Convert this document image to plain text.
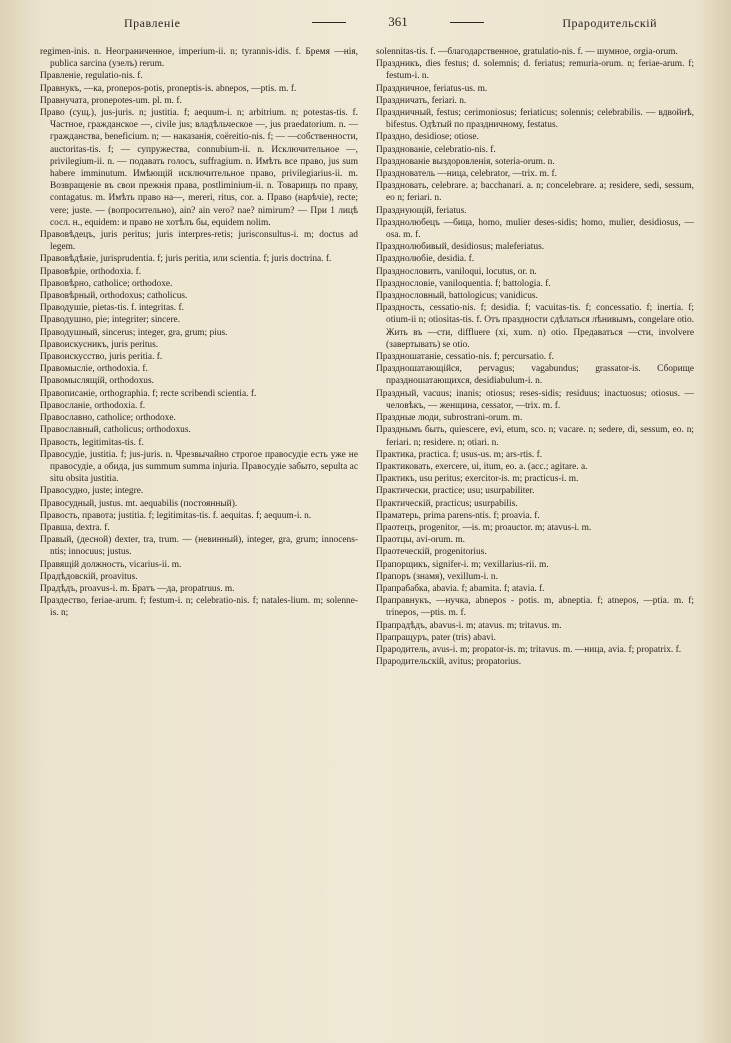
Правленіе	361	Прародительскій

regimen-inis. n. Неограниченное, imperium-ii. n; tyrannis-idis. f. Бремя —нія, publica sarcina (узелъ) rerum.

Правленіе, regulatio-nis. f.

Правнукъ, —ка, pronepos-potis, proneptis-is. abnepos, —ptis. m. f.

Правнучата, pronepotes-um. pl. m. f.

Право (сущ.), jus-juris. n; justitia. f; aequum-i. n; arbitrium. n; potestas-tis. f. Частное, гражданское —, civile jus; владѣльческое —, jus praedatorium. n. — гражданства, beneficium. n; — наказанія, coëreitio-nis. f; — —собственности, auctoritas-tis. f; — супружества, connubium-ii. n. Исключительное —, privilegium-ii. n. — подавать голосъ, suffragium. n. Имѣть все право, jus sum habere imminutum. Имѣющій исключительное право, privilegiarius-ii. m. Возвращеніе въ свои прежнія права, postliminium-ii. n. Товарищъ по праву, contagatus. m. Имѣть право на—, mereri, ritus, cor. a. Право (нарѣчіе), recte; vere; juste. — (вопросительно), ain? ain vero? nae? nimirum? — При 1 лицѣ сосл. н., equidem: и право не хотѣлъ бы, equidem nolim.

Правовѣдецъ, juris peritus; juris interpres-retis; jurisconsultus-i. m; doctus ad legem.

Правовѣдѣніе, jurisprudentia. f; juris peritia, или scientia. f; juris doctrina. f.

Правовѣріе, orthodoxia. f.

Правовѣрно, catholice; orthodoxe.

Правовѣрный, orthodoxus; catholicus.

Праводушіе, pietas-tis. f. integritas. f.

Праводушно, pie; integriter; sincere.

Праводушный, sincerus; integer, gra, grum; pius.

Правоискусникъ, juris peritus.

Правоискусство, juris peritia. f.

Правомысліе, orthodoxia. f.

Правомыслящій, orthodoxus.

Правописаніе, orthographia. f; recte scribendi scientia. f.

Правосланіе, orthodoxia. f.

Православно, catholice; orthodoxe.

Православный, catholicus; orthodoxus.

Правость, legitimitas-tis. f.

Правосудіе, justitia. f; jus-juris. n. Чрезвычайно строгое правосудіе есть уже не правосудіе, а обида, jus summum summa injuria. Правосудіе забыто, sepulta ac situ obsita justitia.

Правосудно, juste; integre.

Правосудный, justus. mt. aequabilis (постоянный).

Правость, правота; justitia. f; legitimitas-tis. f. aequitas. f; aequum-i. n.

Правша, dextra. f.

Правый, (десной) dexter, tra, trum. — (невинный), integer, gra, grum; innocens-ntis; innocuus; justus.

Правящій должность, vicarius-ii. m.

Прадѣдовскій, proavitus.

Прадѣдъ, proavus-i. m. Братъ —да, propatruus. m.

Праздество, feriae-arum. f; festum-i. n; celebratio-nis. f; natales-lium. m; solenne-is. n;

solennitas-tis. f. —благодарственное, gratulatio-nis. f. — шумное, orgia-orum.

Праздникъ, dies festus; d. solemnis; d. feriatus; remuria-orum. n; feriae-arum. f; festum-i. n.

Праздничное, feriatus-us. m.

Праздничать, feriari. n.

Праздничный, festus; cerimoniosus; feriaticus; solennis; celebrabilis. — вдвойнѣ, bifestus. Одѣтый по праздничному, festatus.

Праздно, desidiose; otiose.

Празднованіе, celebratio-nis. f.

Празднованіе выздоровленія, soteria-orum. n.

Празднователь —ница, celebrator, —trix. m. f.

Праздновать, celebrare. a; bacchanari. a. n; concelebrare. a; residere, sedi, sessum, eo n; feriari. n.

Празднующій, feriatus.

Празднолюбецъ —бица, homo, mulier deses-sidis; homo, mulier, desidiosus, —osa. m. f.

Празднолюбивый, desidiosus; maleferiatus.

Празднолюбіе, desidia. f.

Празднословить, vaniloqui, locutus, or. n.

Празднословіе, vaniloquentia. f; battologia. f.

Празднословный, battologicus; vanidicus.

Праздность, cessatio-nis. f; desidia. f; vacuitas-tis. f; concessatio. f; inertia. f; otium-ii n; otiositas-tis. f. Отъ праздности сдѣлаться лѣнивымъ, congelare otio. Жить въ —сти, diffluere (xi, xum. n) otio. Предаваться —сти, involvere (завертывать) se otio.

Праздношатаніе, cessatio-nis. f; percursatio. f.

Праздношатающійся, pervagus; vagabundus; grassator-is. Сборище праздношатающихся, desidiabulum-i. n.

Праздный, vacuus; inanis; otiosus; reses-sidis; residuus; inactuosus; otiosus. — человѣкъ, — женщина, cessator, —trix. m. f.

Праздные люди, subrostrani-orum. m.

Празднымъ быть, quiescere, evi, etum, sco. n; vacare. n; sedere, di, sessum, eo. n; feriari. n; residere. n; otiari. n.

Практика, practica. f; usus-us. m; ars-rtis. f.

Практиковать, exercere, ui, itum, eo. a. (acc.; agitare. a.

Практикъ, usu peritus; exercitor-is. m; practicus-i. m.

Практически, practice; usu; usurpabiliter.

Практическій, practicus; usurpabilis.

Праматерь, prima parens-ntis. f; proavia. f.

Праотецъ, progenitor, —is. m; proauctor. m; atavus-i. m.

Праотцы, avi-orum. m.

Праотеческій, progenitorius.

Прапорщикъ, signifer-i. m; vexillarius-rii. m.

Прапоръ (знамя), vexillum-i. n.

Прапрабабка, abavia. f; abamita. f; atavia. f.

Праправнукъ, —нучка, abnepos - potis. m, abneptia. f; atnepos, —ptia. m. f; trinepos, —ptis. m. f.

Прапрадѣдъ, abavus-i. m; atavus. m; tritavus. m.

Прапращуръ, pater (tris) abavi.

Прародитель, avus-i. m; propator-is. m; tritavus. m. —ница, avia. f; propatrix. f.

Прародительскій, avitus; propatorius.
